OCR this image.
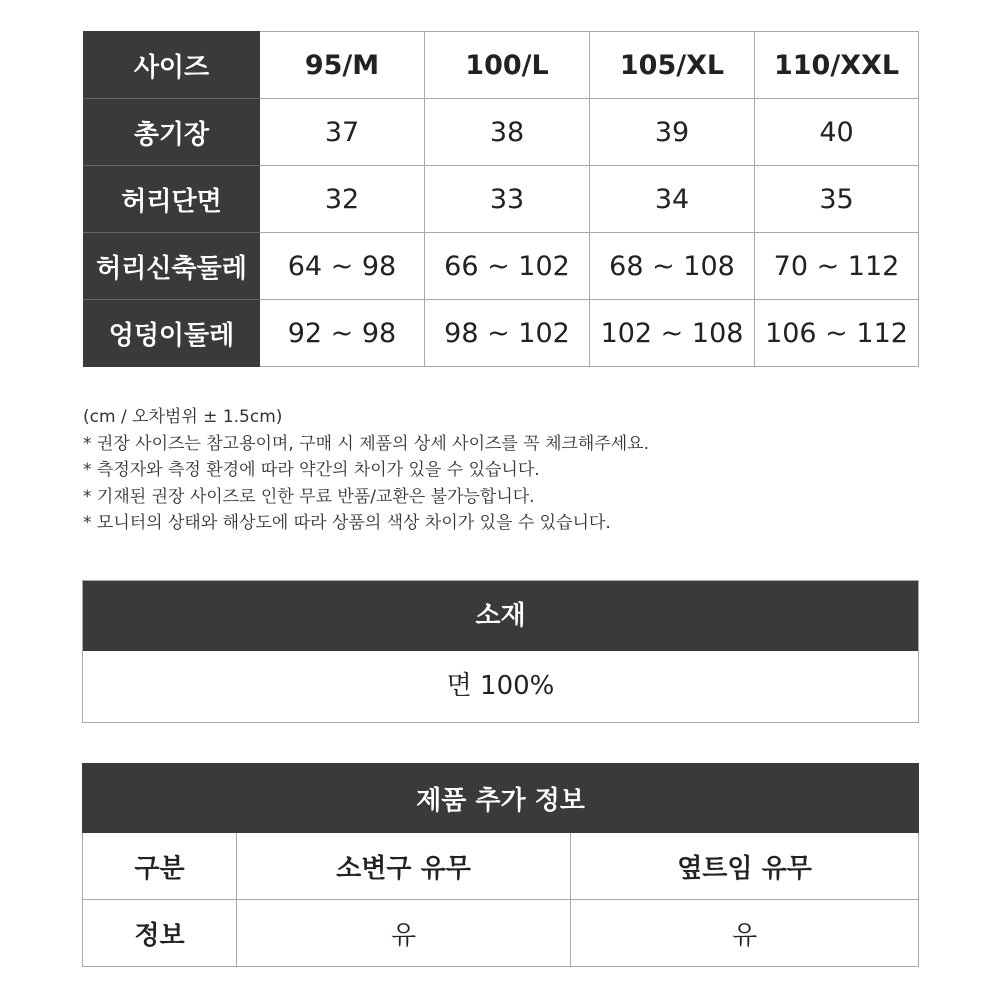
사이즈	95/M	100/L	105/XL	110/XXL
총기장	37	38	39	40
허리단면	32	33	34	35
허리신축둘레	64 ~ 98	66 ~ 102	68 ~ 108	70 ~ 112
엉덩이둘레	92 ~ 98	98 ~ 102	102 ~ 108	106 ~ 112
(cm / 오차범위 ± 1.5cm)
* 권장 사이즈는 참고용이며, 구매 시 제품의 상세 사이즈를 꼭 체크해주세요.
* 측정자와 측정 환경에 따라 약간의 차이가 있을 수 있습니다.
* 기재된 권장 사이즈로 인한 무료 반품/교환은 불가능합니다.
* 모니터의 상태와 해상도에 따라 상품의 색상 차이가 있을 수 있습니다.
소재
면 100%
제품 추가 정보		
구분	소변구 유무	옆트임 유무
정보	유	유
